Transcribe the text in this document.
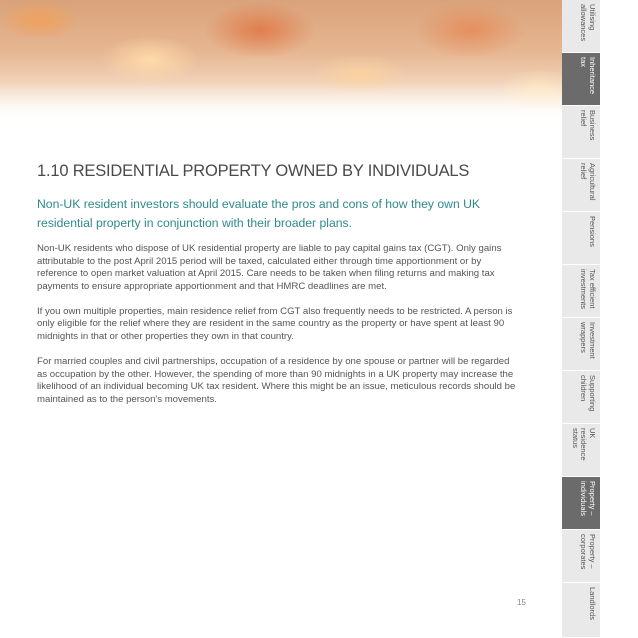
1.10 RESIDENTIAL PROPERTY OWNED BY INDIVIDUALS

Non-UK resident investors should evaluate the pros and cons of how they own UK residential property in conjunction with their broader plans.

Non-UK residents who dispose of UK residential property are liable to pay capital gains tax (CGT). Only gains attributable to the post April 2015 period will be taxed, calculated either through time apportionment or by reference to open market valuation at April 2015. Care needs to be taken when filing returns and making tax payments to ensure appropriate apportionment and that HMRC deadlines are met.

If you own multiple properties, main residence relief from CGT also frequently needs to be restricted. A person is only eligible for the relief where they are resident in the same country as the property or have spent at least 90 midnights in that or other properties they own in that country.

For married couples and civil partnerships, occupation of a residence by one spouse or partner will be regarded as occupation by the other. However, the spending of more than 90 midnights in a UK property may increase the likelihood of an individual becoming UK tax resident. Where this might be an issue, meticulous records should be maintained as to the person's movements.

15
Utilising
allowances
Inheritance
tax
Business
relief
Agricultural
relief
Pensions
Tax efficient
investments
Investment
wrappers
Supporting
children
UK residence
status
Property –
individuals
Property –
corporates
Landlords
